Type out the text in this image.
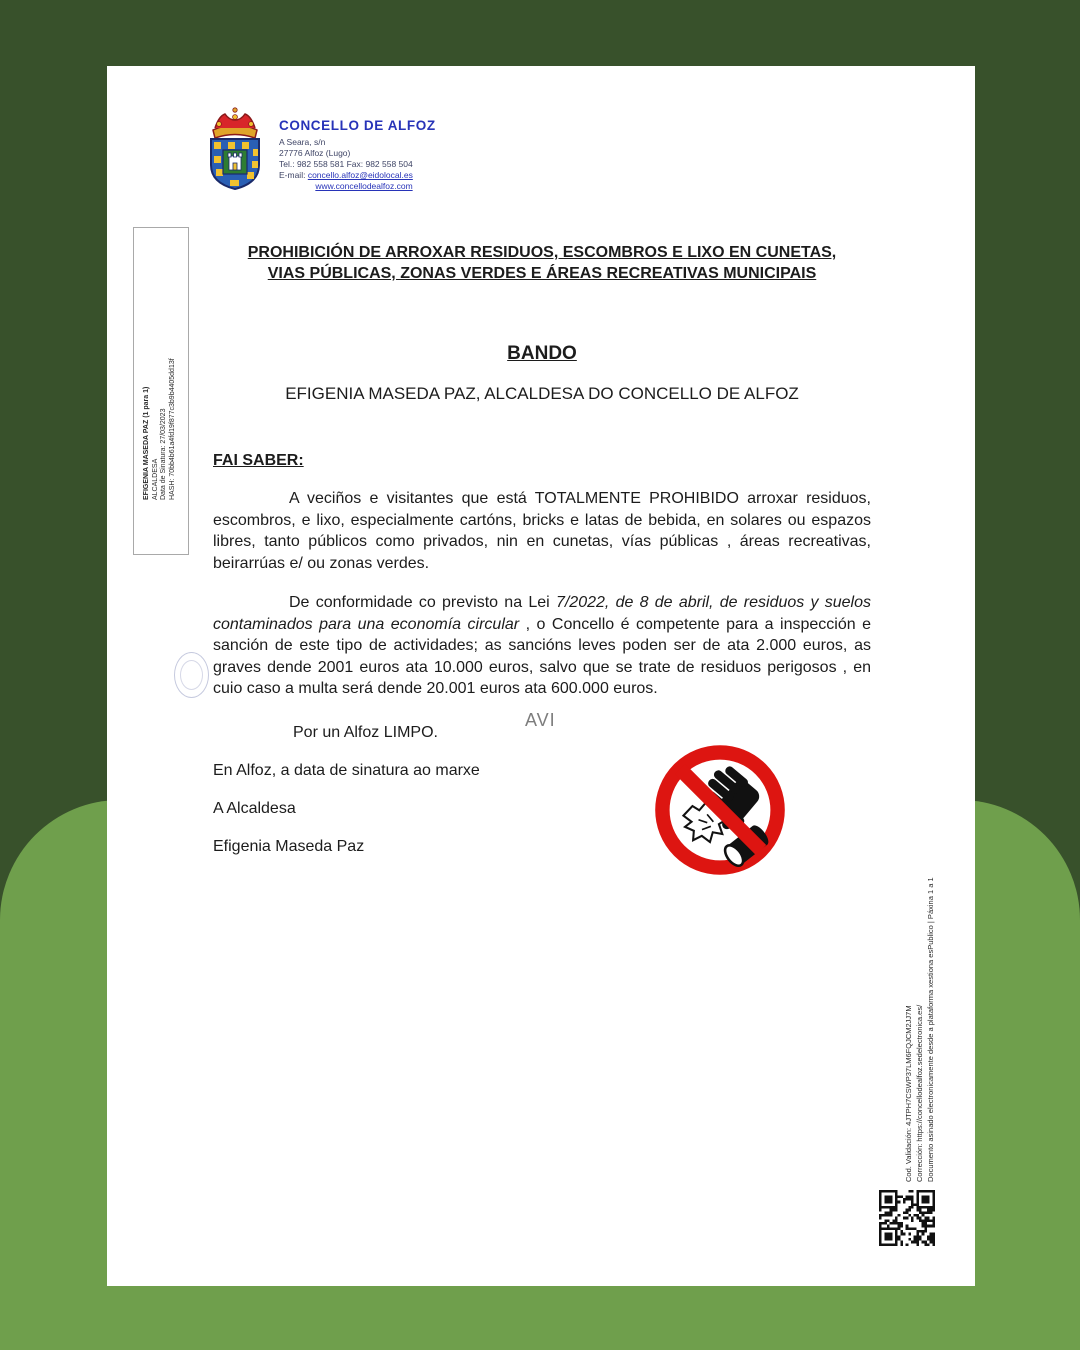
CONCELLO DE ALFOZ
A Seara, s/n
27776 Alfoz (Lugo)
Tel.: 982 558 581 Fax: 982 558 504
E-mail: concello.alfoz@eidolocal.es
www.concellodealfoz.com
EFIGENIA MASEDA PAZ (1 para 1) ALCALDESA Data de Sinatura: 27/03/2023 HASH: 70bb4b61a4fd19f877c3b9b4405dd13f
PROHIBICIÓN DE ARROXAR RESIDUOS, ESCOMBROS E LIXO EN CUNETAS,
VIAS PÚBLICAS, ZONAS VERDES E ÁREAS RECREATIVAS MUNICIPAIS
BANDO
EFIGENIA MASEDA PAZ, ALCALDESA DO CONCELLO DE ALFOZ
FAI SABER:
A veciños e visitantes que está TOTALMENTE PROHIBIDO arroxar residuos, escombros, e lixo, especialmente cartóns, bricks e latas de bebida, en solares ou espazos libres, tanto públicos como privados, nin en cunetas, vías públicas , áreas recreativas, beirarrúas e/ ou zonas verdes.
De conformidade co previsto na Lei 7/2022, de 8 de abril, de residuos y suelos contaminados para una economía circular , o Concello é competente para a inspección e sanción de este tipo de actividades; as sancións leves poden ser de ata 2.000 euros, as graves dende 2001 euros ata 10.000 euros, salvo que se trate de residuos perigosos , en cuio caso a multa será dende 20.001 euros ata 600.000 euros.
AVI
Por un Alfoz LIMPO.
En Alfoz, a data de sinatura ao marxe
A Alcaldesa
Efigenia Maseda Paz
Cod. Validación: 4JTPH7CSWP37LM6FQJCM2JJ7M Corrección: https://concellodealfoz.sedelectronica.es/ Documento asinado electronicamente desde a plataforma xestiona esPublico | Páxina 1 a 1
